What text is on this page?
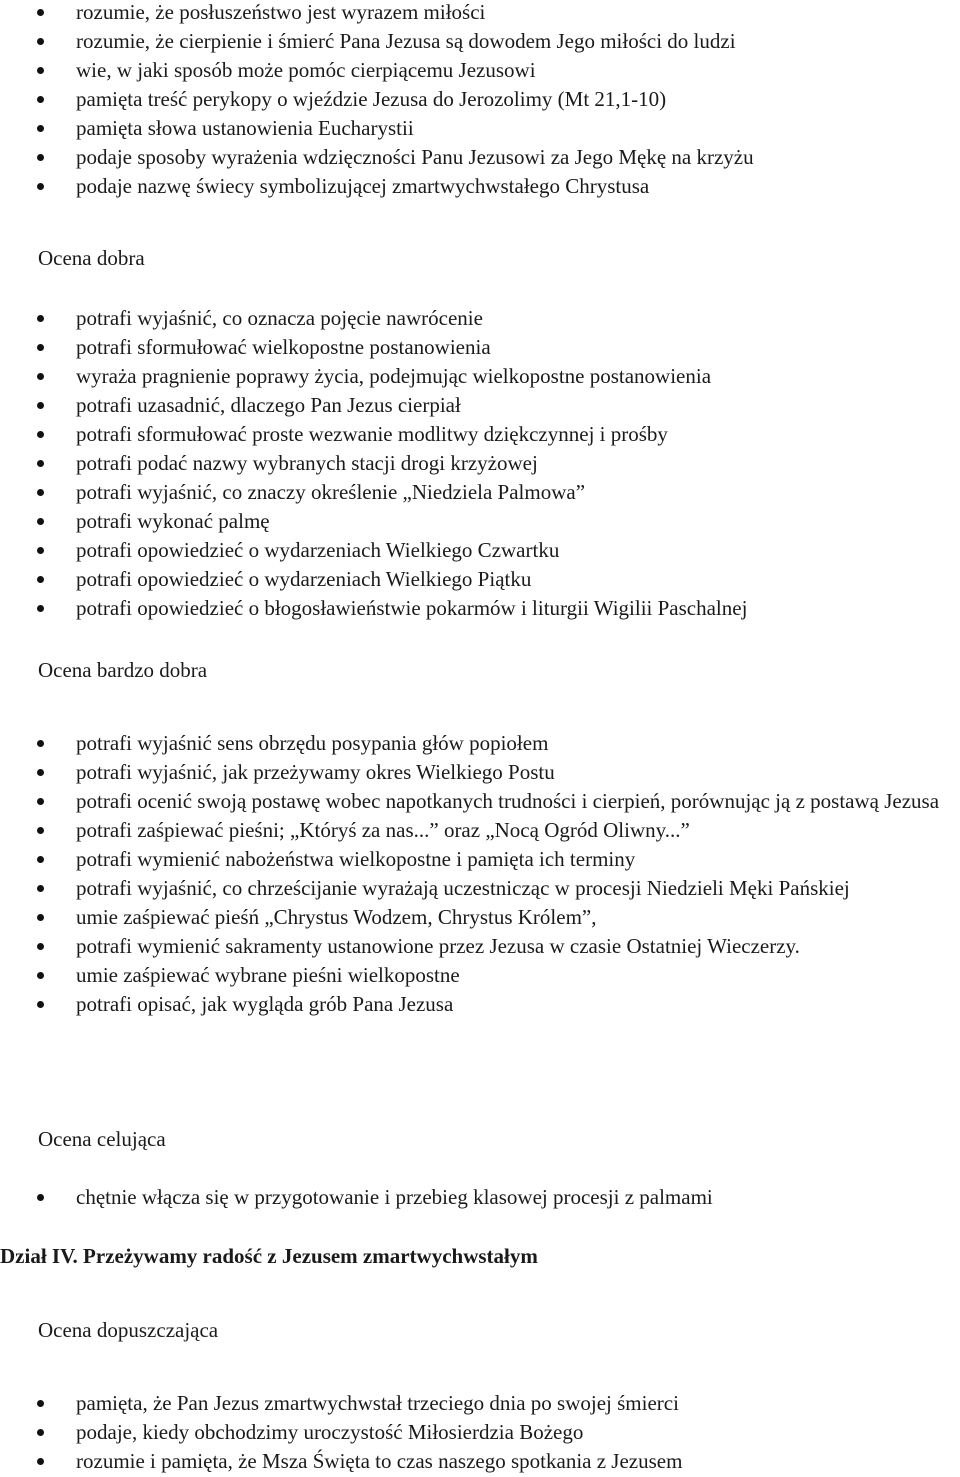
rozumie, że posłuszeństwo jest wyrazem miłości
rozumie, że cierpienie i śmierć Pana Jezusa są dowodem Jego miłości do ludzi
wie, w jaki sposób może pomóc cierpiącemu Jezusowi
pamięta treść perykopy o wjeździe Jezusa do Jerozolimy (Mt 21,1-10)
pamięta słowa ustanowienia Eucharystii
podaje sposoby wyrażenia wdzięczności Panu Jezusowi za Jego Mękę na krzyżu
podaje nazwę świecy symbolizującej zmartwychwstałego Chrystusa
Ocena dobra
potrafi wyjaśnić, co oznacza pojęcie nawrócenie
potrafi sformułować wielkopostne postanowienia
wyraża pragnienie poprawy życia, podejmując wielkopostne postanowienia
potrafi uzasadnić, dlaczego Pan Jezus cierpiał
potrafi sformułować proste wezwanie modlitwy dziękczynnej i prośby
potrafi podać nazwy wybranych stacji drogi krzyżowej
potrafi wyjaśnić, co znaczy określenie „Niedziela Palmowa”
potrafi wykonać palmę
potrafi opowiedzieć o wydarzeniach Wielkiego Czwartku
potrafi opowiedzieć o wydarzeniach Wielkiego Piątku
potrafi opowiedzieć o błogosławieństwie pokarmów i liturgii Wigilii Paschalnej
Ocena bardzo dobra
potrafi wyjaśnić sens obrzędu posypania głów popiołem
potrafi wyjaśnić, jak przeżywamy okres Wielkiego Postu
potrafi ocenić swoją postawę wobec napotkanych trudności i cierpień, porównując ją z postawą Jezusa
potrafi zaśpiewać pieśni; „Któryś za nas...” oraz „Nocą Ogród Oliwny...”
potrafi wymienić nabożeństwa wielkopostne i pamięta ich terminy
potrafi wyjaśnić, co chrześcijanie wyrażają uczestnicząc w procesji Niedzieli Męki Pańskiej
umie zaśpiewać pieśń „Chrystus Wodzem, Chrystus Królem”,
potrafi wymienić sakramenty ustanowione przez Jezusa w czasie Ostatniej Wieczerzy.
umie zaśpiewać wybrane pieśni wielkopostne
potrafi opisać, jak wygląda grób Pana Jezusa
Ocena celująca
chętnie włącza się w przygotowanie i przebieg klasowej procesji z palmami
Dział IV. Przeżywamy radość z Jezusem zmartwychwstałym
Ocena dopuszczająca
pamięta, że Pan Jezus zmartwychwstał trzeciego dnia po swojej śmierci
podaje, kiedy obchodzimy uroczystość Miłosierdzia Bożego
rozumie i pamięta, że Msza Święta to czas naszego spotkania z Jezusem
